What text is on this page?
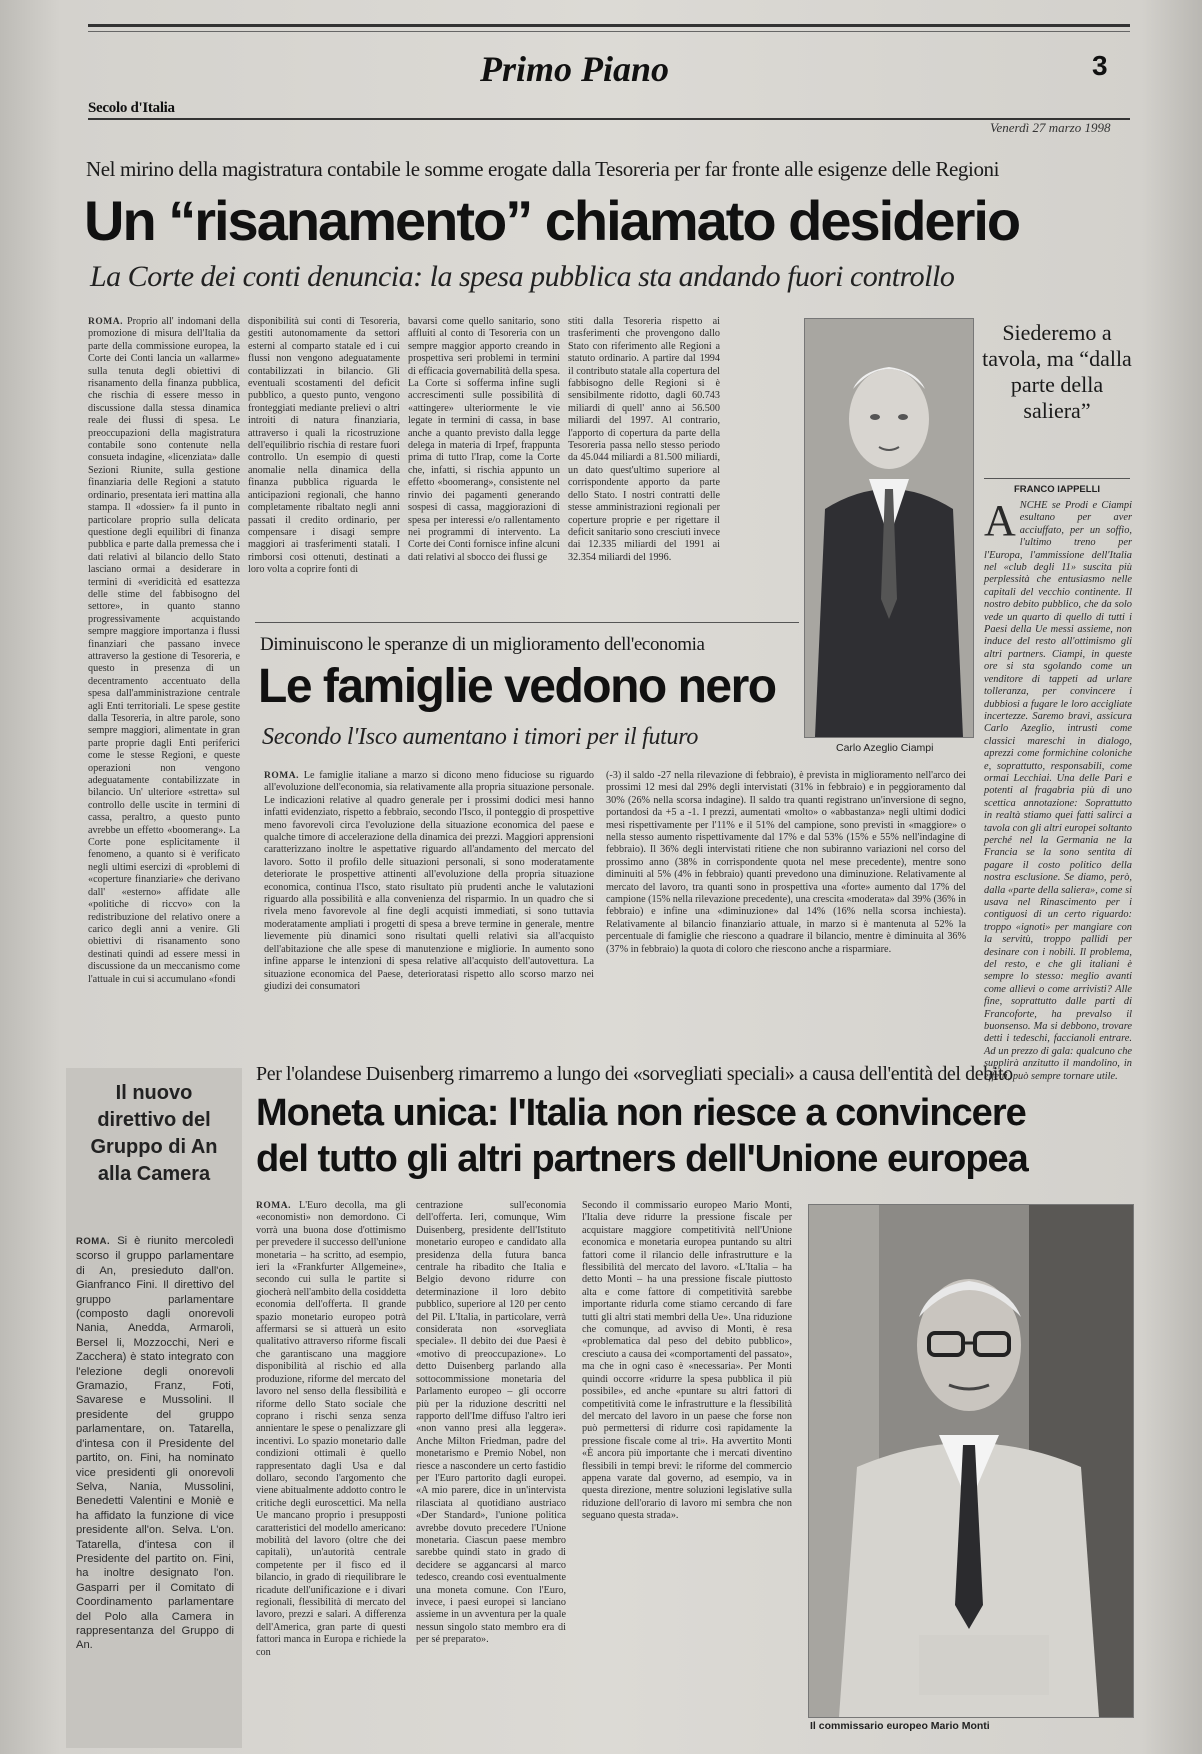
Primo Piano	3
Secolo d'Italia
Venerdì 27 marzo 1998
Nel mirino della magistratura contabile le somme erogate dalla Tesoreria per far fronte alle esigenze delle Regioni
Un “risanamento” chiamato desiderio
La Corte dei conti denuncia: la spesa pubblica sta andando fuori controllo

ROMA. Proprio all' indomani della promozione di misura dell'Italia da parte della commissione europea, la Corte dei Conti lancia un «allarme» sulla tenuta degli obiettivi di risanamento della finanza pubblica, che rischia di essere messo in discussione dalla stessa dinamica reale dei flussi di spesa. Le preoccupazioni della magistratura contabile sono contenute nella consueta indagine, «licenziata» dalle Sezioni Riunite, sulla gestione finanziaria delle Regioni a statuto ordinario, presentata ieri mattina alla stampa. Il «dossier» fa il punto in particolare proprio sulla delicata questione degli equilibri di finanza pubblica e parte dalla premessa che i dati relativi al bilancio dello Stato lasciano ormai a desiderare in termini di «veridicità ed esattezza delle stime del fabbisogno del settore», in quanto stanno progressivamente acquistando sempre maggiore importanza i flussi finanziari che passano invece attraverso la gestione di Tesoreria, e questo in presenza di un decentramento accentuato della spesa dall'amministrazione centrale agli Enti territoriali. Le spese gestite dalla Tesoreria, in altre parole, sono sempre maggiori, alimentate in gran parte proprie dagli Enti periferici come le stesse Regioni, e queste operazioni non vengono adeguatamente contabilizzate in bilancio. Un' ulteriore «stretta» sul controllo delle uscite in termini di cassa, peraltro, a questo punto avrebbe un effetto «boomerang». La Corte pone esplicitamente il fenomeno, a quanto si è verificato negli ultimi esercizi di «problemi di «coperture finanziarie» che derivano dall' «esterno» affidate alle «politiche di riccvo» con la redistribuzione del relativo onere a carico degli anni a venire. Gli obiettivi di risanamento sono destinati quindi ad essere messi in discussione da un meccanismo come l'attuale in cui si accumulano «fondi

disponibilità sui conti di Tesoreria, gestiti autonomamente da settori esterni al comparto statale ed i cui flussi non vengono adeguatamente contabilizzati in bilancio. Gli eventuali scostamenti del deficit pubblico, a questo punto, vengono fronteggiati mediante prelievi o altri introiti di natura finanziaria, attraverso i quali la ricostruzione dell'equilibrio rischia di restare fuori controllo. Un esempio di questi anomalie nella dinamica della finanza pubblica riguarda le anticipazioni regionali, che hanno completamente ribaltato negli anni passati il credito ordinario, per compensare i disagi sempre maggiori ai trasferimenti statali. I rimborsi così ottenuti, destinati a loro volta a coprire fonti di

bavarsi come quello sanitario, sono affluiti al conto di Tesoreria con un sempre maggior apporto creando in prospettiva seri problemi in termini di efficacia governabilità della spesa. La Corte si sofferma infine sugli accrescimenti sulle possibilità di «attingere» ulteriormente le vie legate in termini di cassa, in base anche a quanto previsto dalla legge delega in materia di Irpef, frappunta prima di tutto l'Irap, come la Corte che, infatti, si rischia appunto un effetto «boomerang», consistente nel rinvio dei pagamenti generando sospesi di cassa, maggiorazioni di spesa per interessi e/o rallentamento nei programmi di intervento. La Corte dei Conti fornisce infine alcuni dati relativi al sbocco dei flussi ge

stiti dalla Tesoreria rispetto ai trasferimenti che provengono dallo Stato con riferimento alle Regioni a statuto ordinario. A partire dal 1994 il contributo statale alla copertura del fabbisogno delle Regioni si è sensibilmente ridotto, dagli 60.743 miliardi di quell' anno ai 56.500 miliardi del 1997. Al contrario, l'apporto di copertura da parte della Tesoreria passa nello stesso periodo da 45.044 miliardi a 81.500 miliardi, un dato quest'ultimo superiore al corrispondente apporto da parte dello Stato. I nostri contratti delle stesse amministrazioni regionali per coperture proprie e per rigettare il deficit sanitario sono cresciuti invece dai 12.335 miliardi del 1991 ai 32.354 miliardi del 1996.

Carlo Azeglio Ciampi
Siederemo a tavola, ma “dalla parte della saliera”
FRANCO IAPPELLI

ANCHE se Prodi e Ciampi esultano per aver acciuffato, per un soffio, l'ultimo treno per l'Europa, l'ammissione dell'Italia nel «club degli 11» suscita più perplessità che entusiasmo nelle capitali del vecchio continente. Il nostro debito pubblico, che da solo vede un quarto di quello di tutti i Paesi della Ue messi assieme, non induce del resto all'ottimismo gli altri partners. Ciampi, in queste ore si sta sgolando come un venditore di tappeti ad urlare tolleranza, per convincere i dubbiosi a fugare le loro accigliate incertezze. Saremo bravi, assicura Carlo Azeglio, intrusti come classici mareschi in dialogo, aprezzi come formichine coloniche e, soprattutto, responsabili, come ormai Lecchiai. Una delle Pari e potenti al fragabria più di uno scettica annotazione: Soprattutto in realtà stiamo quei fatti salirci a tavola con gli altri europei soltanto perché nel la Germania ne la Francia se la sono sentita di pagare il costo politico della nostra esclusione. Se diamo, però, dalla «parte della saliera», come si usava nel Rinascimento per i contiguosi di un certo riguardo: troppo «ignoti» per mangiare con la servitù, troppo pallidi per desinare con i nobili. Il problema, del resto, e che gli italiani è sempre lo stesso: meglio avanti come allievi o come arrivisti? Alle fine, soprattutto dalle parti di Francoforte, ha prevalso il buonsenso. Ma si debbono, trovare detti i tedeschi, faccianoli entrare. Ad un prezzo di gala: qualcuno che supplirà anzitutto il mandolino, in effetti, può sempre tornare utile.

Diminuiscono le speranze di un miglioramento dell'economia
Le famiglie vedono nero
Secondo l'Isco aumentano i timori per il futuro

ROMA. Le famiglie italiane a marzo si dicono meno fiduciose su riguardo all'evoluzione dell'economia, sia relativamente alla propria situazione personale. Le indicazioni relative al quadro generale per i prossimi dodici mesi hanno infatti evidenziato, rispetto a febbraio, secondo l'Isco, il ponteggio di prospettive meno favorevoli circa l'evoluzione della situazione economica del paese e qualche timore di accelerazione della dinamica dei prezzi. Maggiori apprensioni caratterizzano inoltre le aspettative riguardo all'andamento del mercato del lavoro. Sotto il profilo delle situazioni personali, si sono moderatamente deteriorate le prospettive attinenti all'evoluzione della propria situazione economica, continua l'Isco, stato risultato più prudenti anche le valutazioni riguardo alla possibilità e alla convenienza del risparmio. In un quadro che si rivela meno favorevole al fine degli acquisti immediati, si sono tuttavia moderatamente ampliati i progetti di spesa a breve termine in generale, mentre lievemente più dinamici sono risultati quelli relativi sia all'acquisto dell'abitazione che alle spese di manutenzione e migliorie. In aumento sono infine apparse le intenzioni di spesa relative all'acquisto dell'autovettura. La situazione economica del Paese, deterioratasi rispetto allo scorso marzo nei giudizi dei consumatori

(-3) il saldo -27 nella rilevazione di febbraio), è prevista in miglioramento nell'arco dei prossimi 12 mesi dal 29% degli intervistati (31% in febbraio) e in peggioramento dal 30% (26% nella scorsa indagine). Il saldo tra quanti registrano un'inversione di segno, portandosi da +5 a -1. I prezzi, aumentati «molto» o «abbastanza» negli ultimi dodici mesi rispettivamente per l'11% e il 51% del campione, sono previsti in «maggiore» o nella stesso aumento rispettivamente dal 17% e dal 53% (15% e 55% nell'indagine di febbraio). Il 36% degli intervistati ritiene che non subiranno variazioni nel corso del prossimo anno (38% in corrispondente quota nel mese precedente), mentre sono diminuiti al 5% (4% in febbraio) quanti prevedono una diminuzione. Relativamente al mercato del lavoro, tra quanti sono in prospettiva una «forte» aumento dal 17% del campione (15% nella rilevazione precedente), una crescita «moderata» dal 39% (36% in febbraio) e infine una «diminuzione» dal 14% (16% nella scorsa inchiesta). Relativamente al bilancio finanziario attuale, in marzo si è mantenuta al 52% la percentuale di famiglie che riescono a quadrare il bilancio, mentre è diminuita al 36% (37% in febbraio) la quota di coloro che riescono anche a risparmiare.

Il nuovo direttivo del Gruppo di An alla Camera

ROMA. Si è riunito mercoledì scorso il gruppo parlamentare di An, presieduto dall'on. Gianfranco Fini. Il direttivo del gruppo parlamentare (composto dagli onorevoli Nania, Anedda, Armaroli, Bersel li, Mozzocchi, Neri e Zacchera) è stato integrato con l'elezione degli onorevoli Gramazio, Franz, Foti, Savarese e Mussolini. Il presidente del gruppo parlamentare, on. Tatarella, d'intesa con il Presidente del partito, on. Fini, ha nominato vice presidenti gli onorevoli Selva, Nania, Mussolini, Benedetti Valentini e Moniè e ha affidato la funzione di vice presidente all'on. Selva. L'on. Tatarella, d'intesa con il Presidente del partito on. Fini, ha inoltre designato l'on. Gasparri per il Comitato di Coordinamento parlamentare del Polo alla Camera in rappresentanza del Gruppo di An.

Per l'olandese Duisenberg rimarremo a lungo dei «sorvegliati speciali» a causa dell'entità del debito
Moneta unica: l'Italia non riesce a convincere
del tutto gli altri partners dell'Unione europea

ROMA. L'Euro decolla, ma gli «economisti» non demordono. Ci vorrà una buona dose d'ottimismo per prevedere il successo dell'unione monetaria – ha scritto, ad esempio, ieri la «Frankfurter Allgemeine», secondo cui sulla le partite si giocherà nell'ambito della cosiddetta economia dell'offerta. Il grande spazio monetario europeo potrà affermarsi se si attuerà un esito qualitativo attraverso riforme fiscali che garantiscano una maggiore disponibilità al rischio ed alla produzione, riforme del mercato del lavoro nel senso della flessibilità e riforme dello Stato sociale che coprano i rischi senza senza annientare le spese o penalizzare gli incentivi. Lo spazio monetario dalle condizioni ottimali è quello rappresentato dagli Usa e dal dollaro, secondo l'argomento che viene abitualmente addotto contro le critiche degli euroscettici. Ma nella Ue mancano proprio i presupposti caratteristici del modello americano: mobilità del lavoro (oltre che dei capitali), un'autorità centrale competente per il fisco ed il bilancio, in grado di riequilibrare le ricadute dell'unificazione e i divari regionali, flessibilità di mercato del lavoro, prezzi e salari. A differenza dell'America, gran parte di questi fattori manca in Europa e richiede la con

centrazione sull'economia dell'offerta. Ieri, comunque, Wim Duisenberg, presidente dell'Istituto monetario europeo e candidato alla presidenza della futura banca centrale ha ribadito che Italia e Belgio devono ridurre con determinazione il loro debito pubblico, superiore al 120 per cento del Pil. L'Italia, in particolare, verrà considerata non «sorvegliata speciale». Il debito dei due Paesi è «motivo di preoccupazione». Lo detto Duisenberg parlando alla sottocommissione monetaria del Parlamento europeo – gli occorre più per la riduzione descritti nel rapporto dell'Ime diffuso l'altro ieri «non vanno presi alla leggera». Anche Milton Friedman, padre del monetarismo e Premio Nobel, non riesce a nascondere un certo fastidio per l'Euro partorito dagli europei. «A mio parere, dice in un'intervista rilasciata al quotidiano austriaco «Der Standard», l'unione politica avrebbe dovuto precedere l'Unione monetaria. Ciascun paese membro sarebbe quindi stato in grado di decidere se aggancarsi al marco tedesco, creando così eventualmente una moneta comune. Con l'Euro, invece, i paesi europei si lanciano assieme in un avventura per la quale nessun singolo stato membro era di per sé preparato».

Secondo il commissario europeo Mario Monti, l'Italia deve ridurre la pressione fiscale per acquistare maggiore competitività nell'Unione economica e monetaria europea puntando su altri fattori come il rilancio delle infrastrutture e la flessibilità del mercato del lavoro. «L'Italia – ha detto Monti – ha una pressione fiscale piuttosto alta e come fattore di competitività sarebbe importante ridurla come stiamo cercando di fare tutti gli altri stati membri della Ue». Una riduzione che comunque, ad avviso di Monti, è resa «problematica dal peso del debito pubblico», cresciuto a causa dei «comportamenti del passato», ma che in ogni caso è «necessaria». Per Monti quindi occorre «ridurre la spesa pubblica il più possibile», ed anche «puntare su altri fattori di competitività come le infrastrutture e la flessibilità del mercato del lavoro in un paese che forse non può permettersi di ridurre così rapidamente la pressione fiscale come al tri». Ha avvertito Monti «È ancora più importante che i mercati diventino flessibili in tempi brevi: le riforme del commercio appena varate dal governo, ad esempio, va in questa direzione, mentre soluzioni legislative sulla riduzione dell'orario di lavoro mi sembra che non seguano questa strada».

Il commissario europeo Mario Monti
